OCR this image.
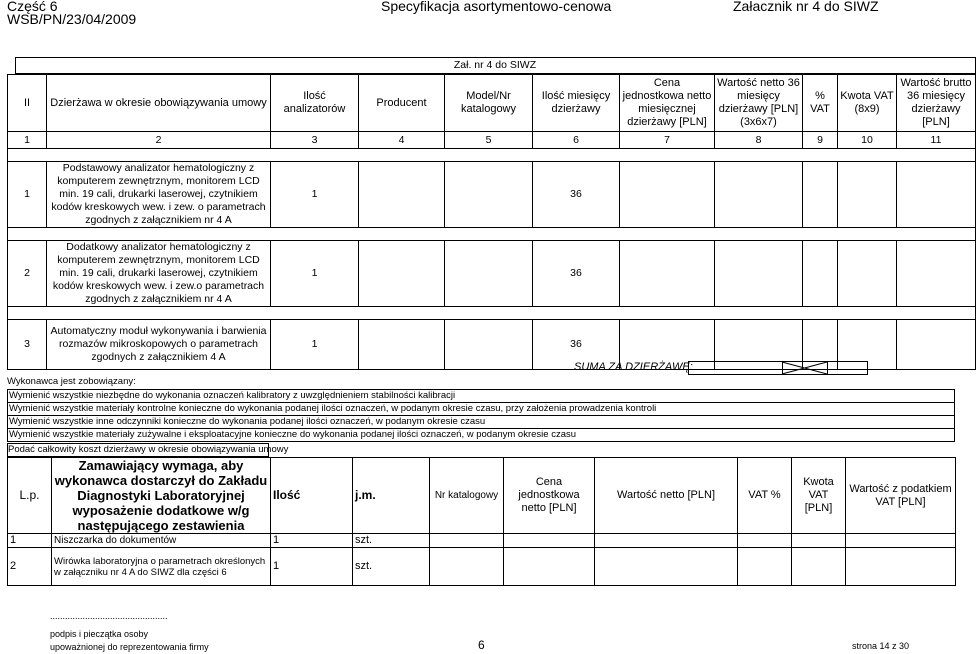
Część 6
WSB/PN/23/04/2009
Specyfikacja asortymentowo-cenowa	Załacznik nr 4 do SIWZ
Zał. nr 4 do SIWZ										

II	Dzierżawa w okresie obowiązywania umowy	Ilość analizatorów	Producent	Model/Nr katalogowy	Ilość miesięcy dzierżawy	Cena jednostkowa netto miesięcznej dzierżawy [PLN]	Wartość netto 36 miesięcy dzierżawy [PLN] (3x6x7)	% VAT	Kwota VAT (8x9)	Wartość brutto 36 miesięcy dzierżawy [PLN]
1	2	3	4	5	6	7	8	9	10	11

1	Podstawowy analizator hematologiczny z komputerem zewnętrznym, monitorem LCD min. 19 cali, drukarki laserowej, czytnikiem kodów kreskowych wew. i zew. o parametrach zgodnych z załącznikiem nr 4 A	1			36					

2	Dodatkowy analizator hematologiczny z komputerem zewnętrznym, monitorem LCD min. 19 cali, drukarki laserowej, czytnikiem kodów kreskowych wew. i zew.o parametrach zgodnych z załącznikiem nr 4 A	1			36					

3	Automatyczny moduł wykonywania i barwienia rozmazów mikroskopowych o parametrach zgodnych z załącznikiem 4 A	1			36					
SUMA ZA DZIERŻAWĘ:
Wykonawca jest zobowiązany:
Wymienić wszystkie niezbędne do wykonania oznaczeń kalibratory z uwzględnieniem stabilności kalibracji
Wymienić wszystkie materiały kontrolne konieczne do wykonania podanej ilości oznaczeń, w podanym okresie czasu, przy założenia prowadzenia kontroli
Wymienić wszystkie inne odczynniki konieczne do wykonania podanej ilości oznaczeń, w podanym okresie czasu
Wymienić wszystkie materiały zużywalne i eksploatacyjne konieczne do wykonania podanej ilości oznaczeń, w podanym okresie czasu
Podać całkowity koszt dzierżawy w okresie obowiązywania umowy
L.p.	Zamawiający wymaga, aby wykonawca dostarczył do Zakładu Diagnostyki Laboratoryjnej wyposażenie dodatkowe w/g następującego zestawienia	Ilość	j.m.	Nr katalogowy	Cena jednostkowa netto [PLN]	Wartość netto [PLN]	VAT %	Kwota VAT [PLN]	Wartość z podatkiem VAT [PLN]
1	Niszczarka do dokumentów	1	szt.						
2	Wirówka laboratoryjna o parametrach określonych w załączniku nr 4 A do SIWZ dla części 6	1	szt.						
...............................................
podpis i pieczątka osoby
upoważnionej do reprezentowania firmy	6	strona 14 z 30
